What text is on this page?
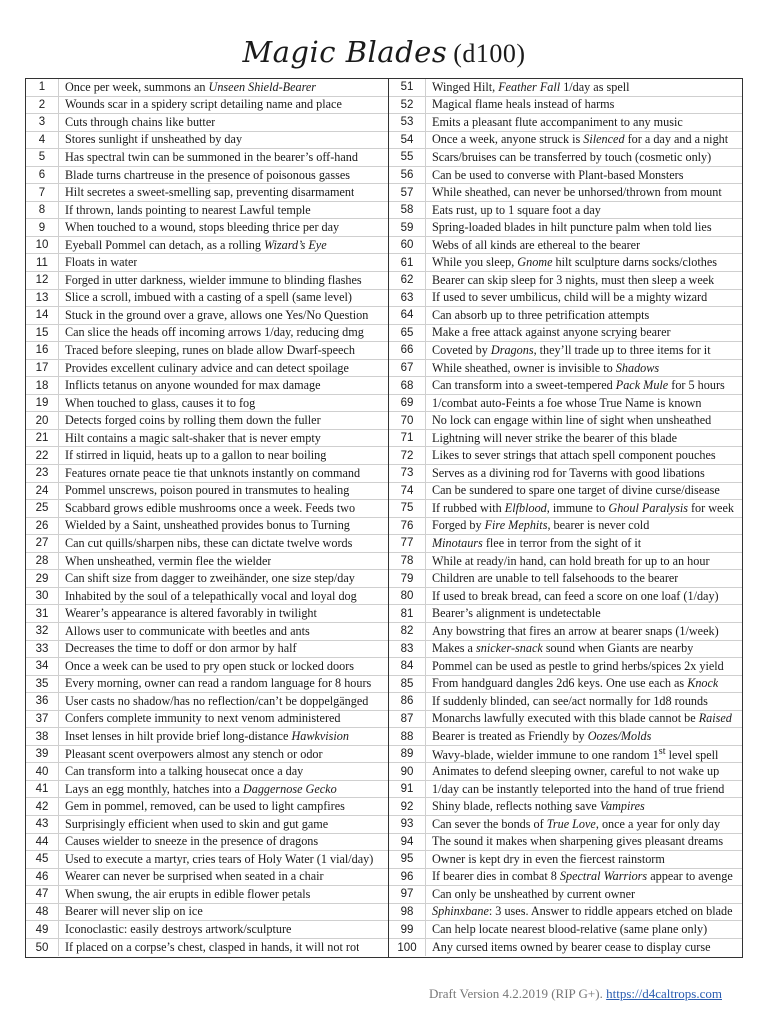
Magic Blades (d100)
1	Once per week, summons an Unseen Shield-Bearer
2	Wounds scar in a spidery script detailing name and place
3	Cuts through chains like butter
4	Stores sunlight if unsheathed by day
5	Has spectral twin can be summoned in the bearer’s off-hand
6	Blade turns chartreuse in the presence of poisonous gasses
7	Hilt secretes a sweet-smelling sap, preventing disarmament
8	If thrown, lands pointing to nearest Lawful temple
9	When touched to a wound, stops bleeding thrice per day
10	Eyeball Pommel can detach, as a rolling Wizard’s Eye
11	Floats in water
12	Forged in utter darkness, wielder immune to blinding flashes
13	Slice a scroll, imbued with a casting of a spell (same level)
14	Stuck in the ground over a grave, allows one Yes/No Question
15	Can slice the heads off incoming arrows 1/day, reducing dmg
16	Traced before sleeping, runes on blade allow Dwarf-speech
17	Provides excellent culinary advice and can detect spoilage
18	Inflicts tetanus on anyone wounded for max damage
19	When touched to glass, causes it to fog
20	Detects forged coins by rolling them down the fuller
21	Hilt contains a magic salt-shaker that is never empty
22	If stirred in liquid, heats up to a gallon to near boiling
23	Features ornate peace tie that unknots instantly on command
24	Pommel unscrews, poison poured in transmutes to healing
25	Scabbard grows edible mushrooms once a week. Feeds two
26	Wielded by a Saint, unsheathed provides bonus to Turning
27	Can cut quills/sharpen nibs, these can dictate twelve words
28	When unsheathed, vermin flee the wielder
29	Can shift size from dagger to zweihänder, one size step/day
30	Inhabited by the soul of a telepathically vocal and loyal dog
31	Wearer’s appearance is altered favorably in twilight
32	Allows user to communicate with beetles and ants
33	Decreases the time to doff or don armor by half
34	Once a week can be used to pry open stuck or locked doors
35	Every morning, owner can read a random language for 8 hours
36	User casts no shadow/has no reflection/can’t be doppelgänged
37	Confers complete immunity to next venom administered
38	Inset lenses in hilt provide brief long-distance Hawkvision
39	Pleasant scent overpowers almost any stench or odor
40	Can transform into a talking housecat once a day
41	Lays an egg monthly, hatches into a Daggernose Gecko
42	Gem in pommel, removed, can be used to light campfires
43	Surprisingly efficient when used to skin and gut game
44	Causes wielder to sneeze in the presence of dragons
45	Used to execute a martyr, cries tears of Holy Water (1 vial/day)
46	Wearer can never be surprised when seated in a chair
47	When swung, the air erupts in edible flower petals
48	Bearer will never slip on ice
49	Iconoclastic: easily destroys artwork/sculpture
50	If placed on a corpse’s chest, clasped in hands, it will not rot
51	Winged Hilt, Feather Fall 1/day as spell
52	Magical flame heals instead of harms
53	Emits a pleasant flute accompaniment to any music
54	Once a week, anyone struck is Silenced for a day and a night
55	Scars/bruises can be transferred by touch (cosmetic only)
56	Can be used to converse with Plant-based Monsters
57	While sheathed, can never be unhorsed/thrown from mount
58	Eats rust, up to 1 square foot a day
59	Spring-loaded blades in hilt puncture palm when told lies
60	Webs of all kinds are ethereal to the bearer
61	While you sleep, Gnome hilt sculpture darns socks/clothes
62	Bearer can skip sleep for 3 nights, must then sleep a week
63	If used to sever umbilicus, child will be a mighty wizard
64	Can absorb up to three petrification attempts
65	Make a free attack against anyone scrying bearer
66	Coveted by Dragons, they’ll trade up to three items for it
67	While sheathed, owner is invisible to Shadows
68	Can transform into a sweet-tempered Pack Mule for 5 hours
69	1/combat auto-Feints a foe whose True Name is known
70	No lock can engage within line of sight when unsheathed
71	Lightning will never strike the bearer of this blade
72	Likes to sever strings that attach spell component pouches
73	Serves as a divining rod for Taverns with good libations
74	Can be sundered to spare one target of divine curse/disease
75	If rubbed with Elfblood, immune to Ghoul Paralysis for week
76	Forged by Fire Mephits, bearer is never cold
77	Minotaurs flee in terror from the sight of it
78	While at ready/in hand, can hold breath for up to an hour
79	Children are unable to tell falsehoods to the bearer
80	If used to break bread, can feed a score on one loaf (1/day)
81	Bearer’s alignment is undetectable
82	Any bowstring that fires an arrow at bearer snaps (1/week)
83	Makes a snicker-snack sound when Giants are nearby
84	Pommel can be used as pestle to grind herbs/spices 2x yield
85	From handguard dangles 2d6 keys. One use each as Knock
86	If suddenly blinded, can see/act normally for 1d8 rounds
87	Monarchs lawfully executed with this blade cannot be Raised
88	Bearer is treated as Friendly by Oozes/Molds
89	Wavy-blade, wielder immune to one random 1st level spell
90	Animates to defend sleeping owner, careful to not wake up
91	1/day can be instantly teleported into the hand of true friend
92	Shiny blade, reflects nothing save Vampires
93	Can sever the bonds of True Love, once a year for only day
94	The sound it makes when sharpening gives pleasant dreams
95	Owner is kept dry in even the fiercest rainstorm
96	If bearer dies in combat 8 Spectral Warriors appear to avenge
97	Can only be unsheathed by current owner
98	Sphinxbane: 3 uses. Answer to riddle appears etched on blade
99	Can help locate nearest blood-relative (same plane only)
100	Any cursed items owned by bearer cease to display curse
Draft Version 4.2.2019 (RIP G+). https://d4caltrops.com
